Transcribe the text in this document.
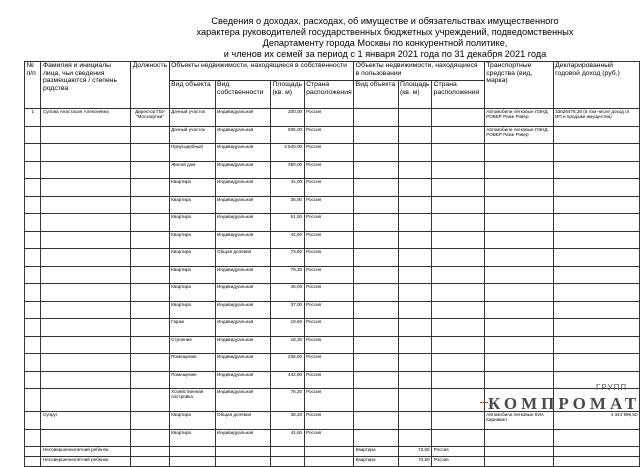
Сведения о доходах, расходах, об имуществе и обязательствах имущественного
характера руководителей государственных бюджетных учреждений, подведомственных
Департаменту города Москвы по конкурентной политике,
и членов их семей за период с 1 января 2021 года по 31 декабря 2021 года
№ п/п	Фамилия и инициалы лица, чьи сведения размещаются / степень родства	Должность	Объекты недвижимости, находящиеся в собственности				Объекты недвижимости, находящиеся в пользовании			Транспортные средства (вид, марка)	Декларированный годовой доход (руб.)
			Вид объекта	Вид собственности	Площадь (кв. м)	Страна расположения	Вид объекта	Площадь (кв. м)	Страна расположения		
1	Супова Анастасия Алексеевна	Директор ГБУ "Мосзакупки"	Дачный участок	Индивидуальная	200,00	Россия				Автомобили легковые ЛЭНД РОВЕР Ранж Ровер	33626476,39 (в том числе доход от ИП и продажи имущества)
			Дачный участок	Индивидуальная	935,00	Россия				Автомобили легковые ЛЭНД РОВЕР Ранж Ровер	
			Приусадебный	Индивидуальная	3 540,00	Россия					
			Жилой дом	Индивидуальная	390,00	Россия					
			Квартира	Индивидуальная	41,00	Россия					
			Квартира	Индивидуальная	35,90	Россия					
			Квартира	Индивидуальная	51,50	Россия					
			Квартира	Индивидуальная	44,60	Россия					
			Квартира	Общая долевая	73,60	Россия					
			Квартира	Индивидуальная	79,30	Россия					
			Квартира	Индивидуальная	45,00	Россия					
			Квартира	Индивидуальная	37,00	Россия					
			Гараж	Индивидуальная	19,60	Россия					
			Строение	Индивидуальная	18,30	Россия					
			Помещение	Индивидуальная	236,50	Россия					
			Помещение	Индивидуальная	442,90	Россия					
			Хозяйственная постройка	Индивидуальная	76,20	Россия					
	Супруг		Квартира	Общая долевая	38,20	Россия				Автомобили легковые КИА Карнивал	4 344 999,50
			Квартира	Индивидуальная	41,60	Россия					
	Несовершеннолетний ребенок						Квартира	73,60	Россия		
	Несовершеннолетний ребенок						Квартира	73,60	Россия		
ГРУПП
КОМПРОМАТ
